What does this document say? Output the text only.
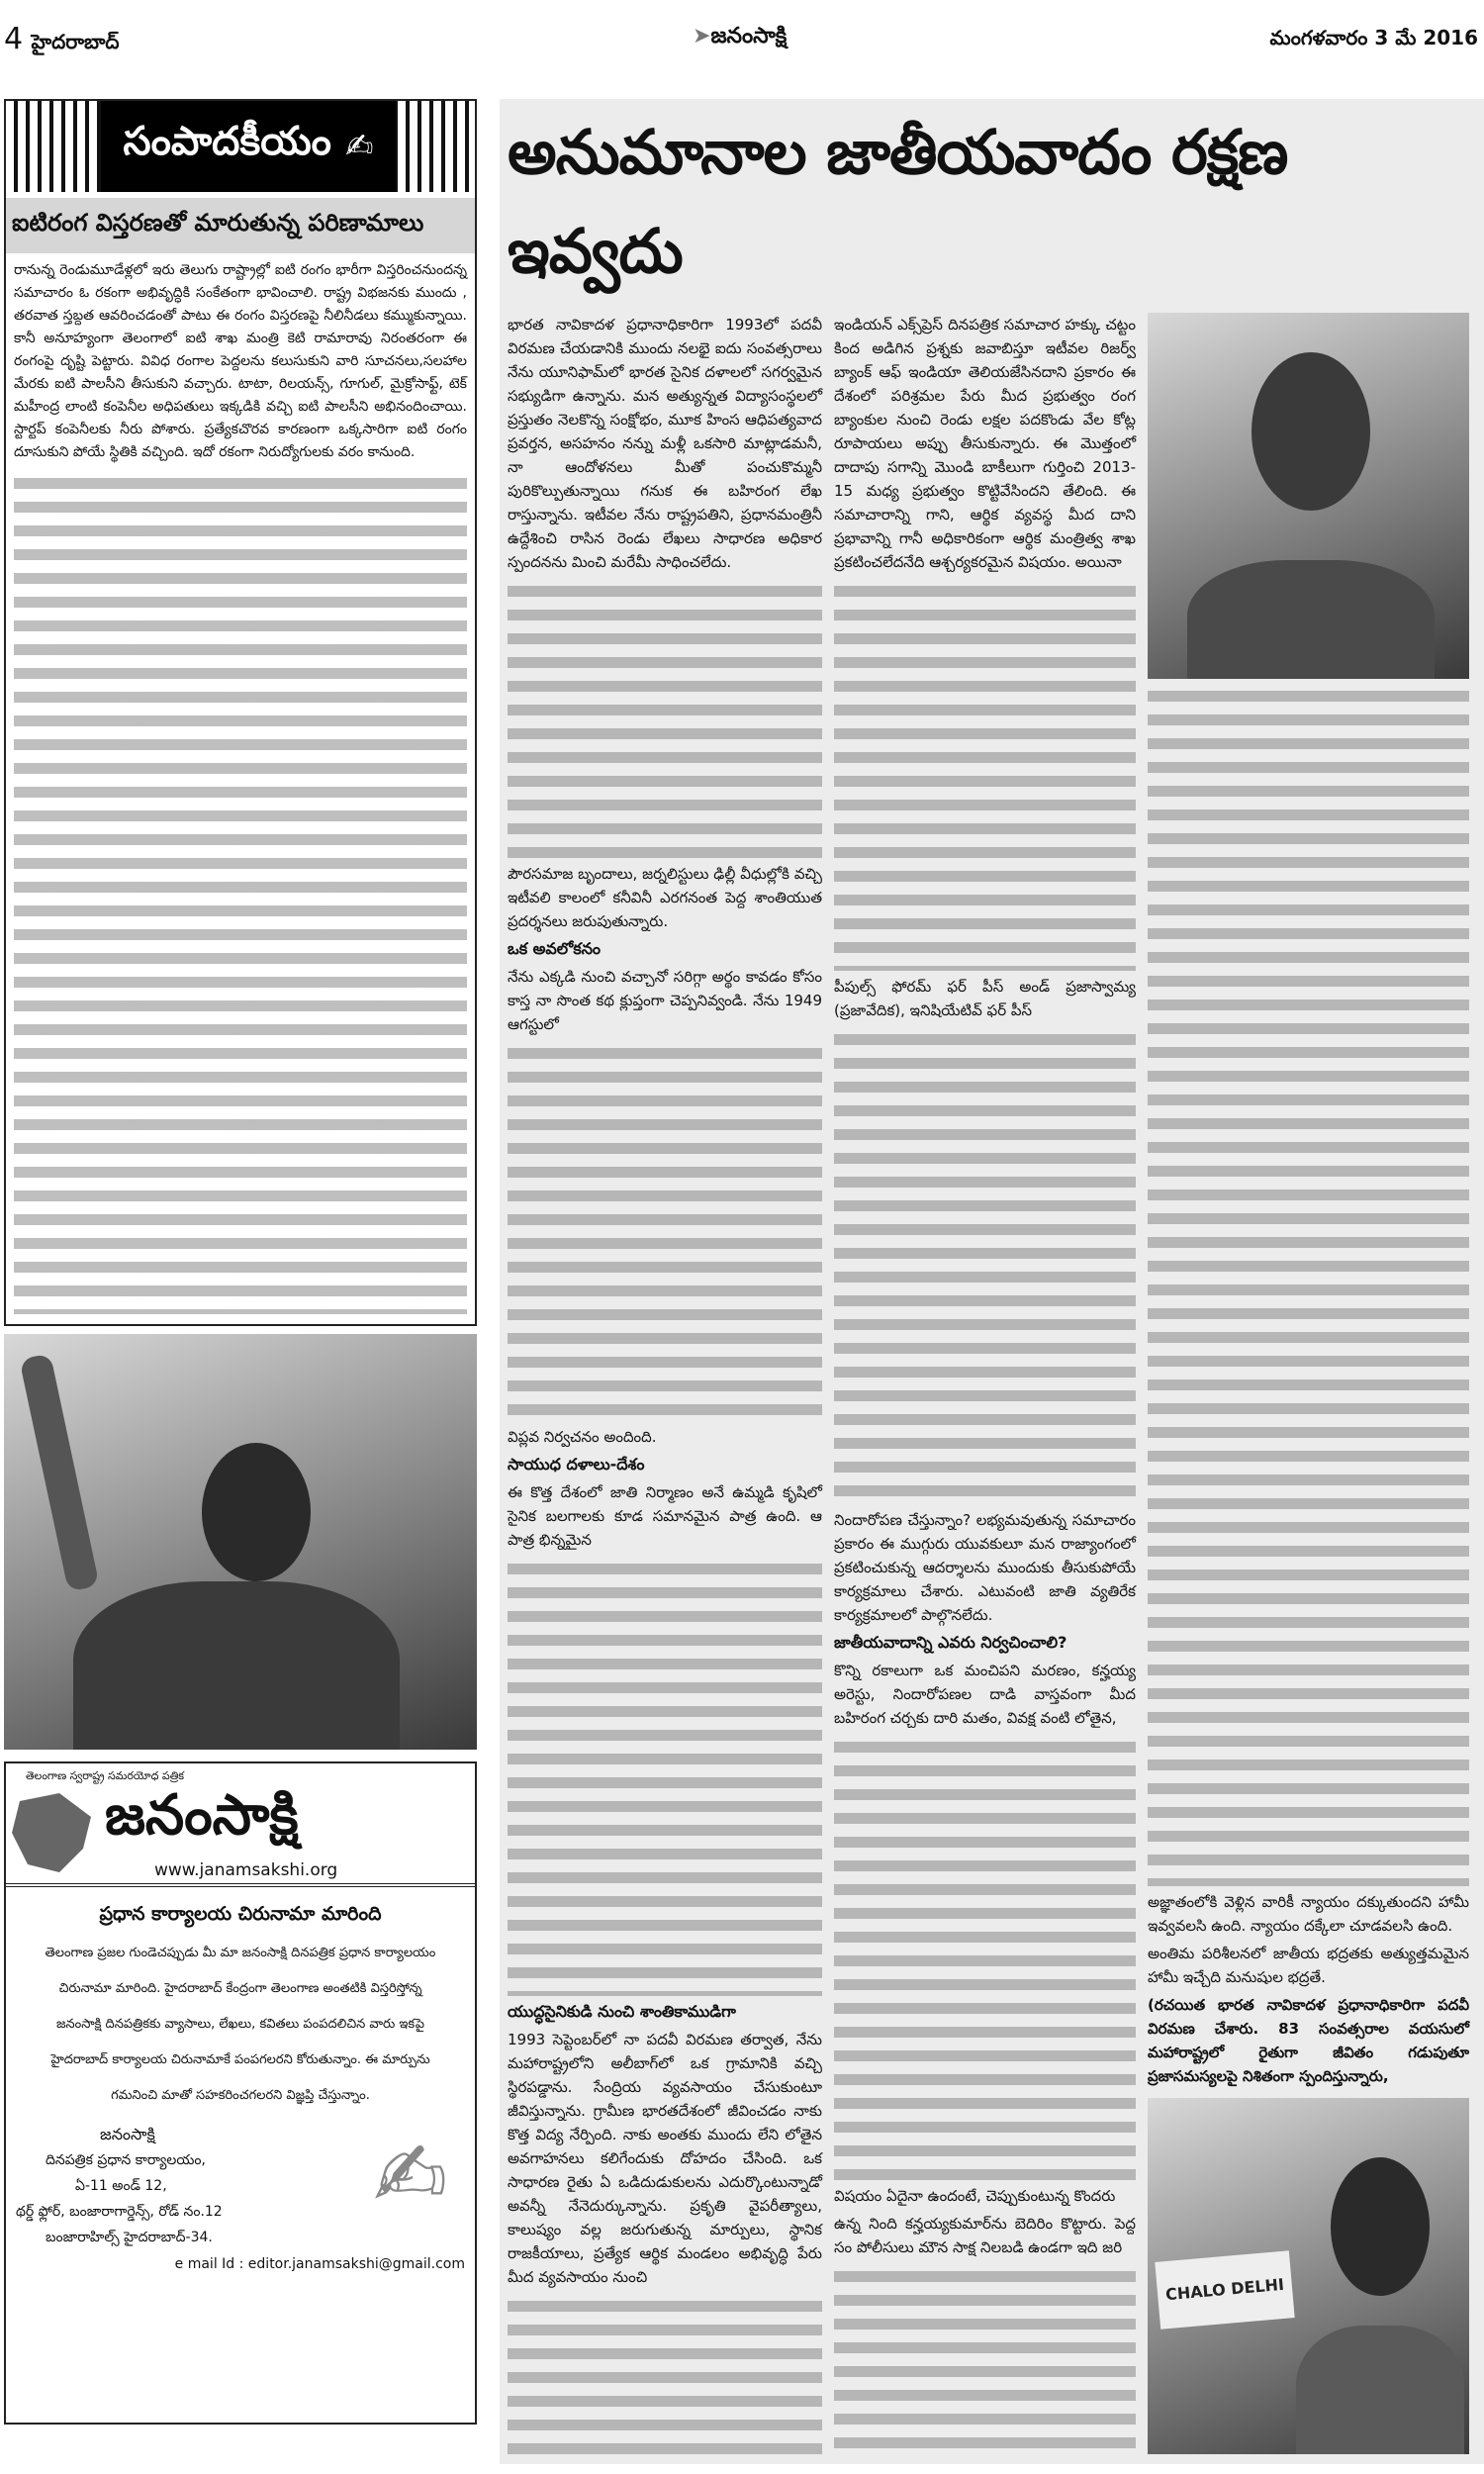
4 హైదరాబాద్	➤జనంసాక్షి	మంగళవారం 3 మే 2016
సంపాదకీయం ✍
ఐటిరంగ విస్తరణతో మారుతున్న పరిణామాలు
రానున్న రెండుమూడేళ్లలో ఇరు తెలుగు రాష్ట్రాల్లో ఐటి రంగం భారీగా విస్తరించనుందన్న సమాచారం ఓ రకంగా అభివృద్ధికి సంకేతంగా భావించాలి. రాష్ట్ర విభజనకు ముందు , తరవాత స్తబ్దత ఆవరించడంతో పాటు ఈ రంగం విస్తరణపై నీలినీడలు కమ్ముకున్నాయి. కానీ అనూహ్యంగా తెలంగాలో ఐటి శాఖ మంత్రి కెటి రామారావు నిరంతరంగా ఈ రంగంపై దృష్టి పెట్టారు. వివిధ రంగాల పెద్దలను కలుసుకుని వారి సూచనలు,సలహాల మేరకు ఐటి పాలసీని తీసుకుని వచ్చారు. టాటా, రిలయన్స్‌, గూగుల్‌, మైక్రోసాఫ్ట్‌, టెక్‌ మహీంద్ర లాంటి కంపెనీల అధిపతులు ఇక్కడికి వచ్చి ఐటి పాలసీని అభినందించాయి. స్టార్టప్‌ కంపెనీలకు నీరు పోశారు. ప్రత్యేకచొరవ కారణంగా ఒక్కసారిగా ఐటి రంగం దూసుకుని పోయే స్థితికి వచ్చింది. ఇదో రకంగా నిరుద్యోగులకు వరం కానుంది.
తెలంగాణ స్వరాష్ట్ర సమరయోధ పత్రిక
జనంసాక్షి
www.janamsakshi.org
ప్రధాన కార్యాలయ చిరునామా మారింది
తెలంగాణ ప్రజల గుండెచప్పుడు మీ మా జనంసాక్షి దినపత్రిక ప్రధాన కార్యాలయం
చిరునామా మారింది. హైదరాబాద్‌ కేంద్రంగా తెలంగాణ అంతటికి విస్తరిస్తోన్న
జనంసాక్షి దినపత్రికకు వ్యాసాలు, లేఖలు, కవితలు పంపదలిచిన వారు ఇకపై
హైదరాబాద్‌ కార్యాలయ చిరునామాకే పంపగలరని కోరుతున్నాం. ఈ మార్పును
గమనించి మాతో సహకరించగలరని విజ్ఞప్తి చేస్తున్నాం.
జనంసాక్షి
దినపత్రిక ప్రధాన కార్యాలయం,
ఏ-11 అండ్‌ 12,
థర్డ్‌ ఫ్లోర్‌, బంజారాగార్డెన్స్‌, రోడ్‌ నం.12
బంజారాహిల్స్‌ హైదరాబాద్‌-34.
✍
e mail Id : editor.janamsakshi@gmail.com
అనుమానాల జాతీయవాదం రక్షణ ఇవ్వదు
భారత నావికాదళ ప్రధానాధికారిగా 1993లో పదవీ విరమణ చేయడానికి ముందు నలభై ఐదు సంవత్సరాలు నేను యూనిఫామ్‌లో భారత సైనిక దళాలలో సగర్వమైన సభ్యుడిగా ఉన్నాను. మన అత్యున్నత విద్యాసంస్థలలో ప్రస్తుతం నెలకొన్న సంక్షోభం, మూక హింస ఆధిపత్యవాద ప్రవర్తన, అసహనం నన్ను మళ్లీ ఒకసారి మాట్లాడమనీ, నా ఆందోళనలు మీతో పంచుకొమ్మనీ పురికొల్పుతున్నాయి గనుక ఈ బహిరంగ లేఖ రాస్తున్నాను. ఇటీవల నేను రాష్ట్రపతిని, ప్రధానమంత్రినీ ఉద్దేశించి రాసిన రెండు లేఖలు సాధారణ అధికార స్పందనను మించి మరేమీ సాధించలేదు.
పౌరసమాజ బృందాలు, జర్నలిస్టులు ఢిల్లీ వీధుల్లోకి వచ్చి ఇటీవలి కాలంలో కనీవినీ ఎరగనంత పెద్ద శాంతియుత ప్రదర్శనలు జరుపుతున్నారు.
ఒక అవలోకనం
నేను ఎక్కడి నుంచి వచ్చానో సరిగ్గా అర్థం కావడం కోసం కాస్త నా సొంత కథ క్లుప్తంగా చెప్పనివ్వండి. నేను 1949 ఆగస్టులో
విప్లవ నిర్వచనం అందింది.
సాయుధ దళాలు-దేశం
ఈ కొత్త దేశంలో జాతి నిర్మాణం అనే ఉమ్మడి కృషిలో సైనిక బలగాలకు కూడ సమానమైన పాత్ర ఉంది. ఆ పాత్ర భిన్నమైన
యుద్ధసైనికుడి నుంచి శాంతికాముడిగా
1993 సెప్టెంబర్‌లో నా పదవీ విరమణ తర్వాత, నేను మహారాష్ట్రలోని అలీబాగ్‌లో ఒక గ్రామానికి వచ్చి స్థిరపడ్డాను. సేంద్రియ వ్యవసాయం చేసుకుంటూ జీవిస్తున్నాను. గ్రామీణ భారతదేశంలో జీవించడం నాకు కొత్త విద్య నేర్పింది. నాకు అంతకు ముందు లేని లోతైన అవగాహనలు కలిగేందుకు దోహదం చేసింది. ఒక సాధారణ రైతు ఏ ఒడిదుడుకులను ఎదుర్కొంటున్నాడో అవన్నీ నేనెదుర్కున్నాను. ప్రకృతి వైపరీత్యాలు, కాలుష్యం వల్ల జరుగుతున్న మార్పులు, స్థానిక రాజకీయాలు, ప్రత్యేక ఆర్థిక మండలం అభివృద్ధి పేరు మీద వ్యవసాయం నుంచి
ఇండియన్‌ ఎక్స్‌ప్రెస్‌ దినపత్రిక సమాచార హక్కు చట్టం కింద అడిగిన ప్రశ్నకు జవాబిస్తూ ఇటీవల రిజర్వ్‌ బ్యాంక్‌ ఆఫ్‌ ఇండియా తెలియజేసినదాని ప్రకారం ఈ దేశంలో పరిశ్రమల పేరు మీద ప్రభుత్వం రంగ బ్యాంకుల నుంచి రెండు లక్షల పదకొండు వేల కోట్ల రూపాయలు అప్పు తీసుకున్నారు. ఈ మొత్తంలో దాదాపు సగాన్ని మొండి బాకీలుగా గుర్తించి 2013-15 మధ్య ప్రభుత్వం కొట్టివేసిందని తేలింది. ఈ సమాచారాన్ని గాని, ఆర్థిక వ్యవస్థ మీద దాని ప్రభావాన్ని గానీ అధికారికంగా ఆర్థిక మంత్రిత్వ శాఖ ప్రకటించలేదనేది ఆశ్చర్యకరమైన విషయం. అయినా
పీపుల్స్‌ ఫోరమ్‌ ఫర్‌ పీస్‌ అండ్‌ ప్రజాస్వామ్య (ప్రజావేదిక), ఇనిషియేటివ్‌ ఫర్‌ పీస్‌
నిందారోపణ చేస్తున్నాం? లభ్యమవుతున్న సమాచారం ప్రకారం ఈ ముగ్గురు యువకులూ మన రాజ్యాంగంలో ప్రకటించుకున్న ఆదర్శాలను ముందుకు తీసుకుపోయే కార్యక్రమాలు చేశారు. ఎటువంటి జాతి వ్యతిరేక కార్యక్రమాలలో పాల్గొనలేదు.
జాతీయవాదాన్ని ఎవరు నిర్వచించాలి?
కొన్ని రకాలుగా ఒక మంచిపని మరణం, కన్హయ్య అరెస్టు, నిందారోపణల దాడి వాస్తవంగా మీద బహిరంగ చర్చకు దారి మతం, వివక్ష వంటి లోతైన,
విషయం ఏదైనా ఉందంటే, చెప్పుకుంటున్న కొందరు
ఉన్న నింది కన్హయ్యకుమార్‌ను బెదిరిం కొట్టారు. పెద్ద సం పోలీసులు మౌన సాక్ష నిలబడి ఉండగా ఇది జరి
అజ్ఞాతంలోకి వెళ్లిన వారికీ న్యాయం దక్కుతుందని హామీ ఇవ్వవలసి ఉంది. న్యాయం దక్కేలా చూడవలసి ఉంది.
అంతిమ పరిశీలనలో జాతీయ భద్రతకు అత్యుత్తమమైన హామీ ఇచ్చేది మనుషుల భద్రతే.
(రచయిత భారత నావికాదళ ప్రధానాధికారిగా పదవీ విరమణ చేశారు. 83 సంవత్సరాల వయసులో మహారాష్ట్రలో రైతుగా జీవితం గడుపుతూ ప్రజాసమస్యలపై నిశితంగా స్పందిస్తున్నారు,
CHALO DELHI
